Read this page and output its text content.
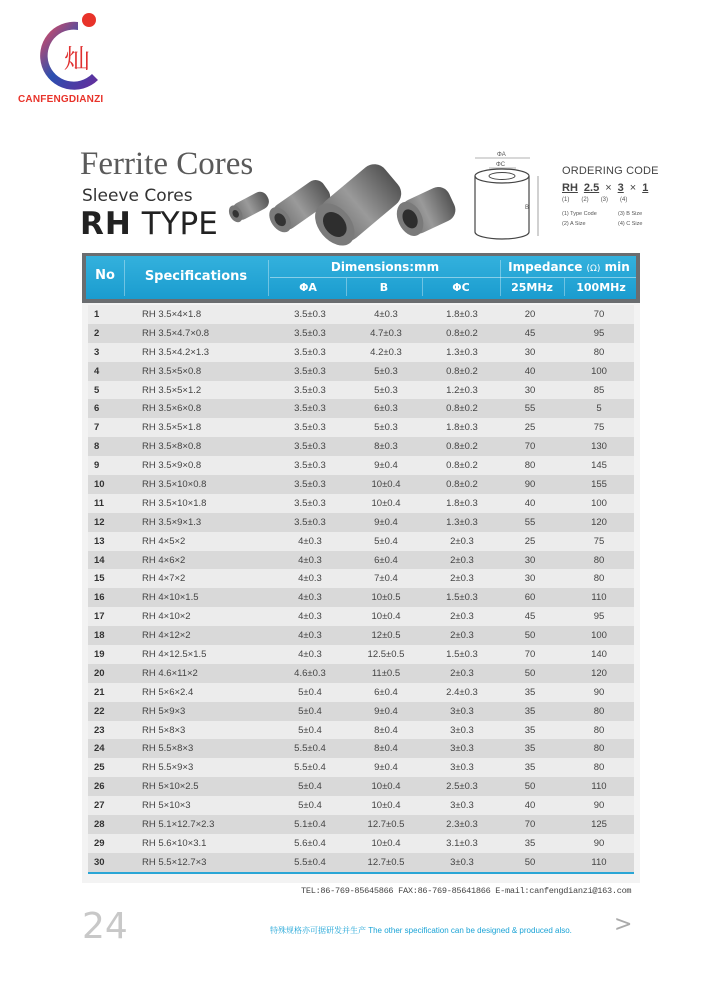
灿
CANFENGDIANZI
Ferrite Cores
Sleeve Cores
RH TYPE
ΦA
ΦC
B
ORDERING CODE
RH 2.5 × 3 × 1
(1) (2) (3) (4)
(1) Type Code	(3) B Size
(2) A Size	(4) C Size
No	Specifications
Dimensions:mm	Impedance (Ω) min
ΦA	B	ΦC	25MHz	100MHz
1	RH 3.5×4×1.8	3.5±0.3	4±0.3	1.8±0.3	20	70
2	RH 3.5×4.7×0.8	3.5±0.3	4.7±0.3	0.8±0.2	45	95
3	RH 3.5×4.2×1.3	3.5±0.3	4.2±0.3	1.3±0.3	30	80
4	RH 3.5×5×0.8	3.5±0.3	5±0.3	0.8±0.2	40	100
5	RH 3.5×5×1.2	3.5±0.3	5±0.3	1.2±0.3	30	85
6	RH 3.5×6×0.8	3.5±0.3	6±0.3	0.8±0.2	55	5
7	RH 3.5×5×1.8	3.5±0.3	5±0.3	1.8±0.3	25	75
8	RH 3.5×8×0.8	3.5±0.3	8±0.3	0.8±0.2	70	130
9	RH 3.5×9×0.8	3.5±0.3	9±0.4	0.8±0.2	80	145
10	RH 3.5×10×0.8	3.5±0.3	10±0.4	0.8±0.2	90	155
11	RH 3.5×10×1.8	3.5±0.3	10±0.4	1.8±0.3	40	100
12	RH 3.5×9×1.3	3.5±0.3	9±0.4	1.3±0.3	55	120
13	RH 4×5×2	4±0.3	5±0.4	2±0.3	25	75
14	RH 4×6×2	4±0.3	6±0.4	2±0.3	30	80
15	RH 4×7×2	4±0.3	7±0.4	2±0.3	30	80
16	RH 4×10×1.5	4±0.3	10±0.5	1.5±0.3	60	110
17	RH 4×10×2	4±0.3	10±0.4	2±0.3	45	95
18	RH 4×12×2	4±0.3	12±0.5	2±0.3	50	100
19	RH 4×12.5×1.5	4±0.3	12.5±0.5	1.5±0.3	70	140
20	RH 4.6×11×2	4.6±0.3	11±0.5	2±0.3	50	120
21	RH 5×6×2.4	5±0.4	6±0.4	2.4±0.3	35	90
22	RH 5×9×3	5±0.4	9±0.4	3±0.3	35	80
23	RH 5×8×3	5±0.4	8±0.4	3±0.3	35	80
24	RH 5.5×8×3	5.5±0.4	8±0.4	3±0.3	35	80
25	RH 5.5×9×3	5.5±0.4	9±0.4	3±0.3	35	80
26	RH 5×10×2.5	5±0.4	10±0.4	2.5±0.3	50	110
27	RH 5×10×3	5±0.4	10±0.4	3±0.3	40	90
28	RH 5.1×12.7×2.3	5.1±0.4	12.7±0.5	2.3±0.3	70	125
29	RH 5.6×10×3.1	5.6±0.4	10±0.4	3.1±0.3	35	90
30	RH 5.5×12.7×3	5.5±0.4	12.7±0.5	3±0.3	50	110
TEL:86-769-85645866 FAX:86-769-85641866 E-mail:canfengdianzi@163.com
24	特殊规格亦可据研发并生产 The other specification can be designed & produced also. >
